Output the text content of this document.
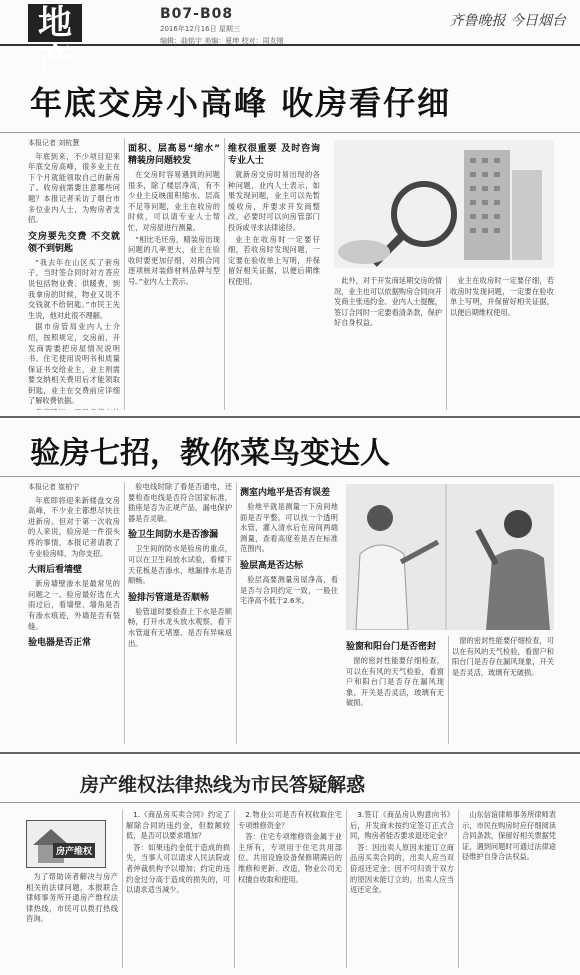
地产
B07-B08
2016年12月16日 星期三
编辑：曲铭宇 美编：夏坤 校对：周友刚
齐鲁晚报 今日烟台
年底交房小高峰 收房看仔细

本报记者 刘杭慧

年底到来，不少项目迎来年底交房高峰，很多业主在下个月就能领取自己的新房了。收房前需要注意哪些问题？本报记者采访了烟台市多位业内人士，为购房者支招。

交房要先交费 不交就领不到钥匙

“我去年在山区买了套房子，当时签合同时对方答应说包括物业费、供暖费，到我拿房的时候，物业又说不交钱就不给钥匙。”市民王先生说，他对此很不理解。

据市房管局业内人士介绍，按照规定，交房前，开发商需要把房屋情况说明书、住宅使用说明书和质量保证书交给业主，业主则需要交纳相关费用后才能领取钥匙，业主在交费前应详细了解收费依据。

面积、层高易“缩水” 精装房问题较发

在交房时容易遇到的问题很多，除了楼层净高，有不少业主反映面积缩水、层高不足等问题，业主在收房的时候，可以请专业人士帮忙，对房屋进行测量。

“相比毛坯房，精装房出现问题的几率更大，业主在验收时要更加仔细，对照合同逐项核对装修材料品牌与型号。”业内人士表示。

维权很重要 及时咨询专业人士

就新房交房时易出现的各种问题，业内人士表示，如果发现问题，业主可以先暂缓收房，并要求开发商整改，必要时可以向房管部门投诉或寻求法律途径。

业主在收房时一定要仔细，若收房时发现问题，一定要在验收单上写明，并保留好相关证据，以便后期维权使用。	此外，对于开发商延期交房的情况，业主也可以依据购房合同向开发商主张违约金。业内人士提醒，签订合同时一定要看清条款，保护好自身权益。

业主在收房时一定要仔细，若收房时发现问题，一定要在验收单上写明，并保留好相关证据，以便后期维权使用。

验房七招，教你菜鸟变达人

本报记者 崔柏宁

年底即将迎来新楼盘交房高峰，不少业主都想尽快住进新房。但对于第一次收房的人来说，验房是一件很头疼的事情，本报记者请教了专业验房师，为你支招。

大雨后看墙壁

新房墙壁渗水是最常见的问题之一。验房最好选在大雨过后，看墙壁、墙角是否有渗水痕迹，外墙是否有裂缝。

验电器是否正常

验电线时除了看是否通电，还要检查电线是否符合国家标准，插座是否为正规产品，漏电保护器是否灵敏。

验卫生间防水是否渗漏

卫生间的防水是验房的重点，可以在卫生间放水试验，看楼下天花板是否渗水，地漏排水是否顺畅。

验排污管道是否顺畅

验管道时要检查上下水是否顺畅，打开水龙头放水观察，看下水管道有无堵塞、是否有异味返出。

测室内地平是否有误差

验地平就是测量一下房间地面是否平整，可以找一个透明水管，灌入清水后在房间两端测量，查看高度差是否在标准范围内。

验层高是否达标

验层高要测量房屋净高，看是否与合同约定一致，一般住宅净高不低于2.6米。

验窗和阳台门是否密封

窗的密封性能要仔细检查，可以在有风的天气检验，看窗户和阳台门是否存在漏风现象，开关是否灵活，玻璃有无破损。

窗的密封性能要仔细检查，可以在有风的天气检验，看窗户和阳台门是否存在漏风现象，开关是否灵活，玻璃有无破损。

房产维权法律热线为市民答疑解惑
房产维权

为了帮助读者解决与房产相关的法律问题，本报联合律师事务所开通房产维权法律热线，市民可以拨打热线咨询。

1.《商品房买卖合同》约定了解除合同的违约金，但数额较低，是否可以要求增加？

答：如果违约金低于造成的损失，当事人可以请求人民法院或者仲裁机构予以增加；约定的违约金过分高于造成的损失的，可以请求适当减少。

2.物业公司是否有权收取住宅专项维修资金？

答：住宅专项维修资金属于业主所有，专项用于住宅共用部位、共用设施设备保修期满后的维修和更新、改造，物业公司无权擅自收取和使用。

3.签订《商品房认购意向书》后，开发商未按约定签订正式合同，购房者能否要求退还定金？

答：因出卖人原因未能订立商品房买卖合同的，出卖人应当双倍返还定金；因不可归责于双方的原因未能订立的，出卖人应当返还定金。

山东信谊律师事务所律师表示，市民在购房时应仔细阅读合同条款，保留好相关票据凭证，遇到问题时可通过法律途径维护自身合法权益。
